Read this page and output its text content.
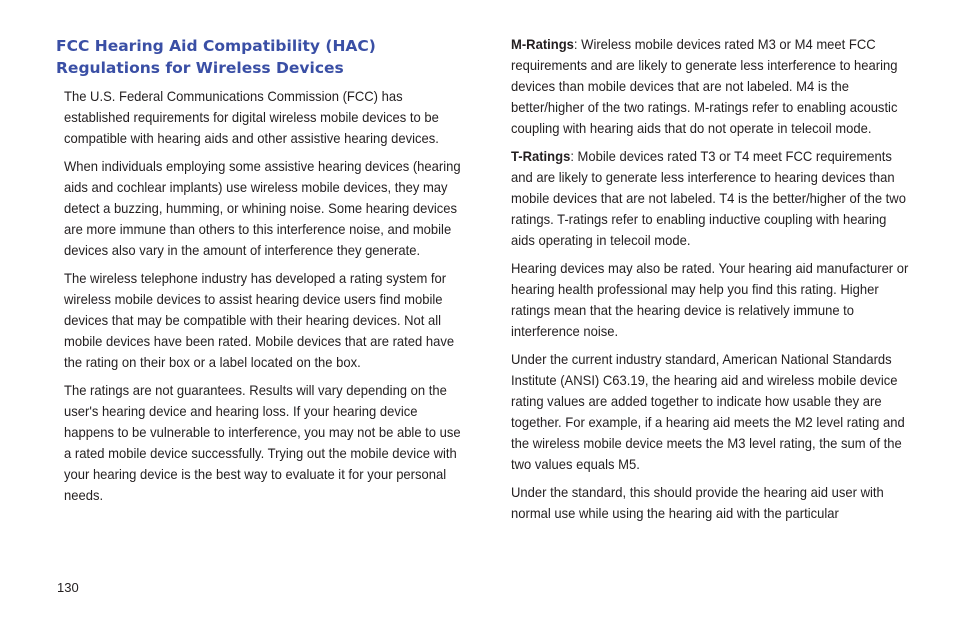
FCC Hearing Aid Compatibility (HAC)
Regulations for Wireless Devices

The U.S. Federal Communications Commission (FCC) has established requirements for digital wireless mobile devices to be compatible with hearing aids and other assistive hearing devices.

When individuals employing some assistive hearing devices (hearing aids and cochlear implants) use wireless mobile devices, they may detect a buzzing, humming, or whining noise. Some hearing devices are more immune than others to this interference noise, and mobile devices also vary in the amount of interference they generate.

The wireless telephone industry has developed a rating system for wireless mobile devices to assist hearing device users find mobile devices that may be compatible with their hearing devices. Not all mobile devices have been rated. Mobile devices that are rated have the rating on their box or a label located on the box.

The ratings are not guarantees. Results will vary depending on the user's hearing device and hearing loss. If your hearing device happens to be vulnerable to interference, you may not be able to use a rated mobile device successfully. Trying out the mobile device with your hearing device is the best way to evaluate it for your personal needs.

M-Ratings: Wireless mobile devices rated M3 or M4 meet FCC requirements and are likely to generate less interference to hearing devices than mobile devices that are not labeled. M4 is the better/higher of the two ratings. M-ratings refer to enabling acoustic coupling with hearing aids that do not operate in telecoil mode.

T-Ratings: Mobile devices rated T3 or T4 meet FCC requirements and are likely to generate less interference to hearing devices than mobile devices that are not labeled. T4 is the better/higher of the two ratings. T-ratings refer to enabling inductive coupling with hearing aids operating in telecoil mode.

Hearing devices may also be rated. Your hearing aid manufacturer or hearing health professional may help you find this rating. Higher ratings mean that the hearing device is relatively immune to interference noise.

Under the current industry standard, American National Standards Institute (ANSI) C63.19, the hearing aid and wireless mobile device rating values are added together to indicate how usable they are together. For example, if a hearing aid meets the M2 level rating and the wireless mobile device meets the M3 level rating, the sum of the two values equals M5.

Under the standard, this should provide the hearing aid user with normal use while using the hearing aid with the particular

130
